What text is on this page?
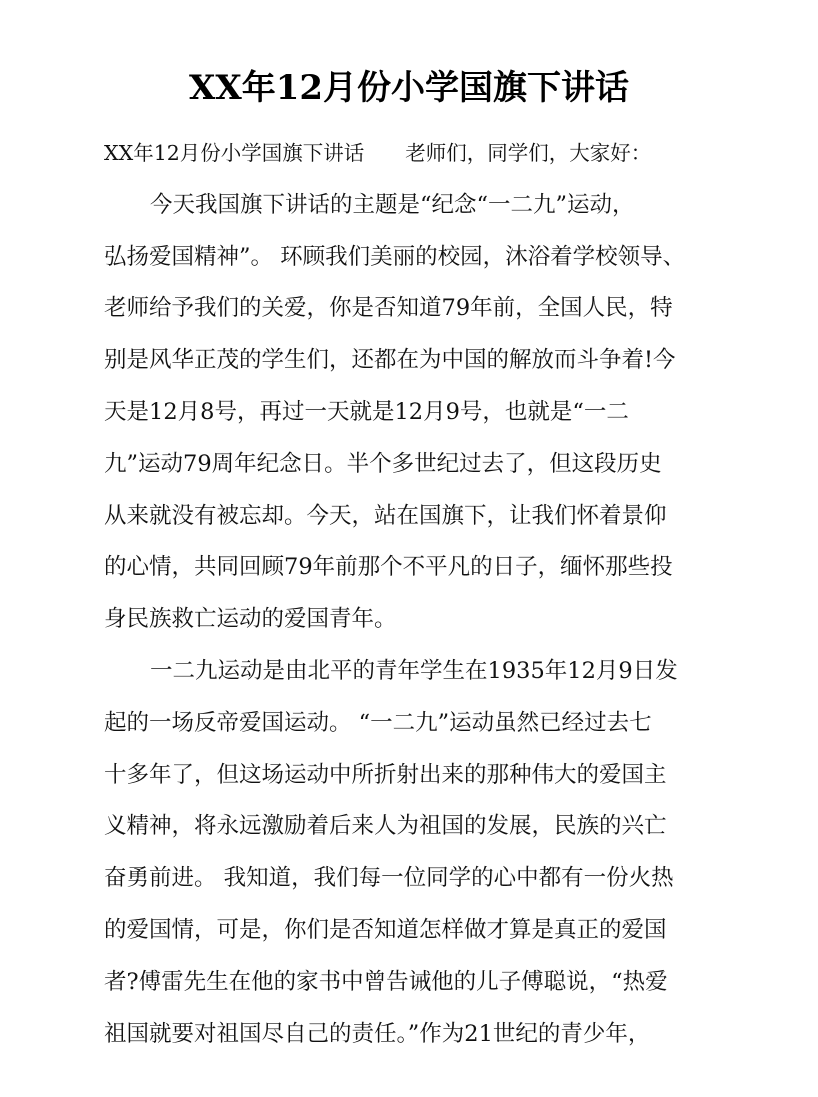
XX年12月份小学国旗下讲话
XX年12月份小学国旗下讲话　　老师们，同学们，大家好：
今天我国旗下讲话的主题是“纪念“一二九”运动，
弘扬爱国精神”。 环顾我们美丽的校园，沐浴着学校领导、
老师给予我们的关爱，你是否知道79年前，全国人民，特
别是风华正茂的学生们，还都在为中国的解放而斗争着!今
天是12月8号，再过一天就是12月9号，也就是“一二
九”运动79周年纪念日。半个多世纪过去了，但这段历史
从来就没有被忘却。今天，站在国旗下，让我们怀着景仰
的心情，共同回顾79年前那个不平凡的日子，缅怀那些投
身民族救亡运动的爱国青年。
一二九运动是由北平的青年学生在1935年12月9日发
起的一场反帝爱国运动。 “一二九”运动虽然已经过去七
十多年了，但这场运动中所折射出来的那种伟大的爱国主
义精神，将永远激励着后来人为祖国的发展，民族的兴亡
奋勇前进。 我知道，我们每一位同学的心中都有一份火热
的爱国情，可是，你们是否知道怎样做才算是真正的爱国
者?傅雷先生在他的家书中曾告诫他的儿子傅聪说，“热爱
祖国就要对祖国尽自己的责任。”作为21世纪的青少年，
